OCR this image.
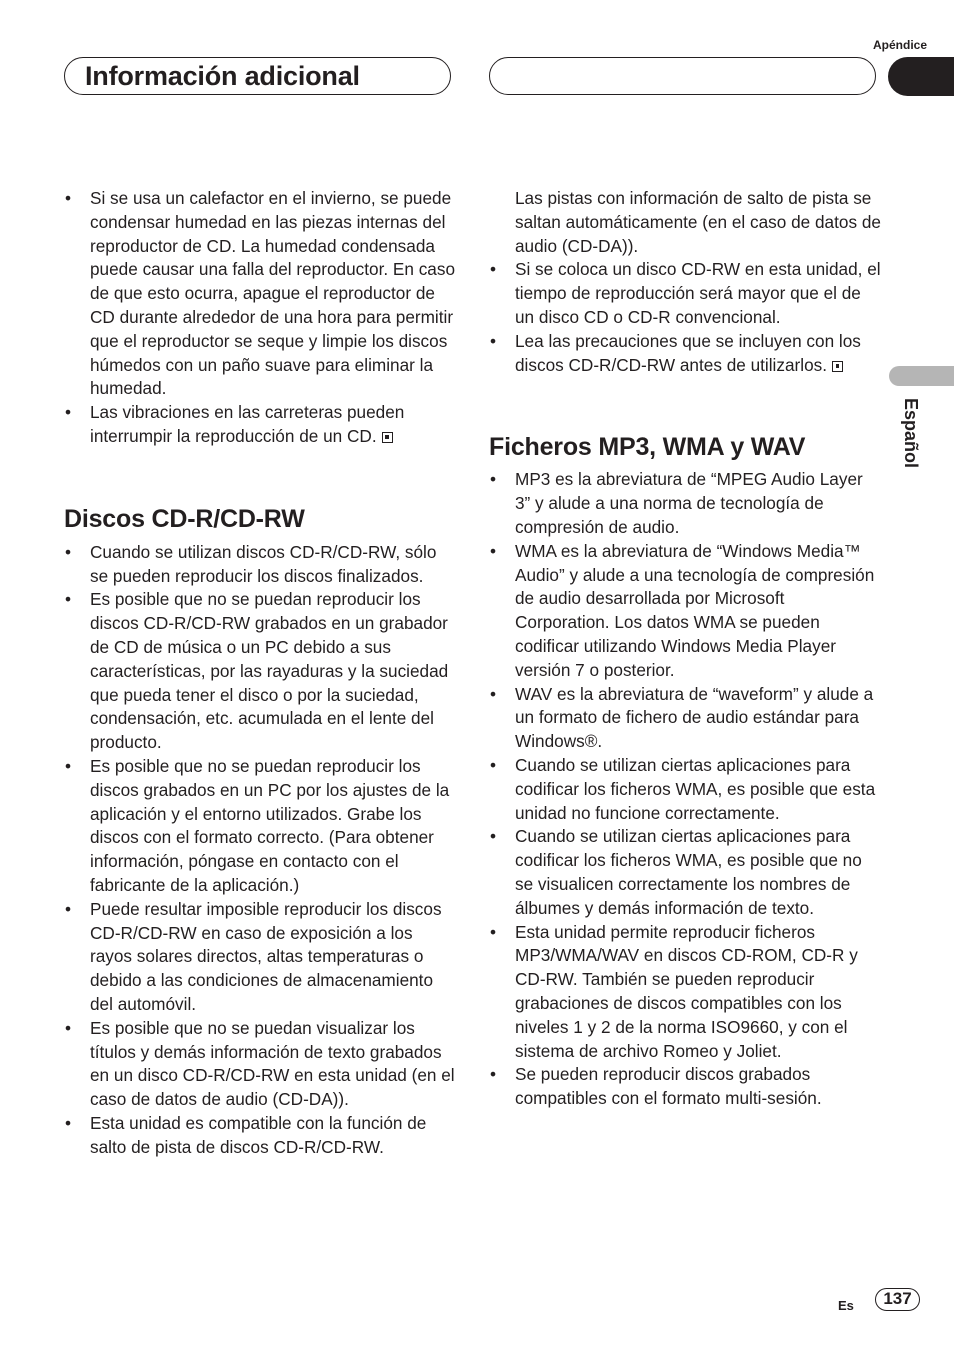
Apéndice
Información adicional
Español
• Si se usa un calefactor en el invierno, se puede condensar humedad en las piezas internas del reproductor de CD. La humedad condensada puede causar una falla del reproductor. En caso de que esto ocurra, apague el reproductor de CD durante alrededor de una hora para permitir que el reproductor se seque y limpie los discos húmedos con un paño suave para eliminar la humedad.
• Las vibraciones en las carreteras pueden interrumpir la reproducción de un CD.
Discos CD-R/CD-RW
• Cuando se utilizan discos CD-R/CD-RW, sólo se pueden reproducir los discos finalizados.
• Es posible que no se puedan reproducir los discos CD-R/CD-RW grabados en un grabador de CD de música o un PC debido a sus características, por las rayaduras y la suciedad que pueda tener el disco o por la suciedad, condensación, etc. acumulada en el lente del producto.
• Es posible que no se puedan reproducir los discos grabados en un PC por los ajustes de la aplicación y el entorno utilizados. Grabe los discos con el formato correcto. (Para obtener información, póngase en contacto con el fabricante de la aplicación.)
• Puede resultar imposible reproducir los discos CD-R/CD-RW en caso de exposición a los rayos solares directos, altas temperaturas o debido a las condiciones de almacenamiento del automóvil.
• Es posible que no se puedan visualizar los títulos y demás información de texto grabados en un disco CD-R/CD-RW en esta unidad (en el caso de datos de audio (CD-DA)).
• Esta unidad es compatible con la función de salto de pista de discos CD-R/CD-RW.
Las pistas con información de salto de pista se saltan automáticamente (en el caso de datos de audio (CD-DA)).
• Si se coloca un disco CD-RW en esta unidad, el tiempo de reproducción será mayor que el de un disco CD o CD-R convencional.
• Lea las precauciones que se incluyen con los discos CD-R/CD-RW antes de utilizarlos.
Ficheros MP3, WMA y WAV
• MP3 es la abreviatura de “MPEG Audio Layer 3” y alude a una norma de tecnología de compresión de audio.
• WMA es la abreviatura de “Windows Media™ Audio” y alude a una tecnología de compresión de audio desarrollada por Microsoft Corporation. Los datos WMA se pueden codificar utilizando Windows Media Player versión 7 o posterior.
• WAV es la abreviatura de “waveform” y alude a un formato de fichero de audio estándar para Windows®.
• Cuando se utilizan ciertas aplicaciones para codificar los ficheros WMA, es posible que esta unidad no funcione correctamente.
• Cuando se utilizan ciertas aplicaciones para codificar los ficheros WMA, es posible que no se visualicen correctamente los nombres de álbumes y demás información de texto.
• Esta unidad permite reproducir ficheros MP3/WMA/WAV en discos CD-ROM, CD-R y CD-RW. También se pueden reproducir grabaciones de discos compatibles con los niveles 1 y 2 de la norma ISO9660, y con el sistema de archivo Romeo y Joliet.
• Se pueden reproducir discos grabados compatibles con el formato multi-sesión.
Es	137
